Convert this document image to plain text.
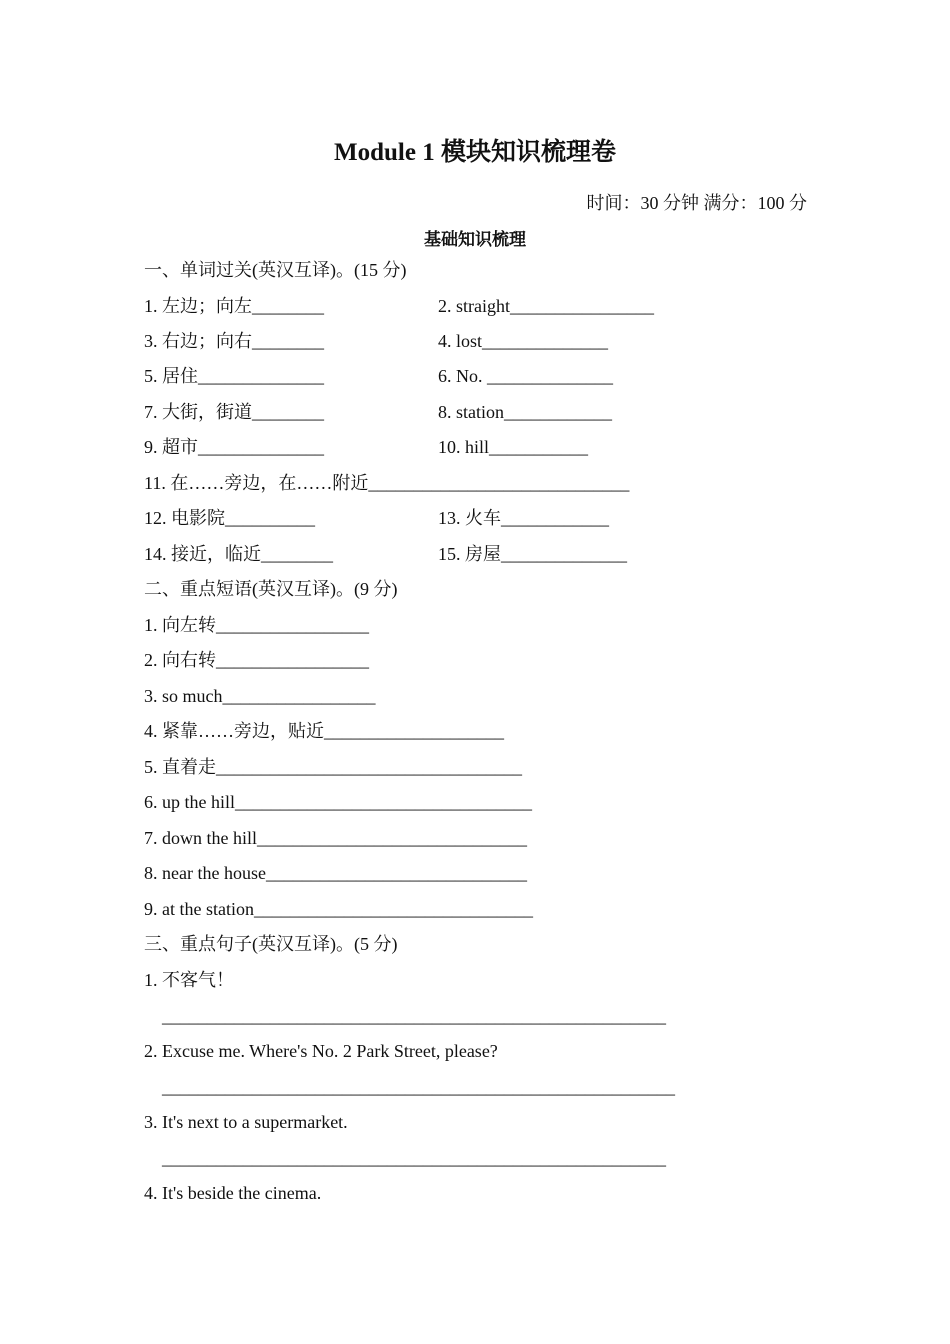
Module 1 模块知识梳理卷
时间：30 分钟 满分：100 分
基础知识梳理
一、单词过关(英汉互译)。(15 分)
1. 左边；向左________	2. straight________________
3. 右边；向右________	4. lost______________
5. 居住______________	6. No. ______________
7. 大街，街道________	8. station____________
9. 超市______________	10. hill___________
11. 在……旁边，在……附近_____________________________
12. 电影院__________	13. 火车____________
14. 接近，临近________	15. 房屋______________
二、重点短语(英汉互译)。(9 分)
1. 向左转_________________
2. 向右转_________________
3. so much_________________
4. 紧靠……旁边，贴近____________________
5. 直着走__________________________________
6. up the hill_________________________________
7. down the hill______________________________
8. near the house_____________________________
9. at the station_______________________________
三、重点句子(英汉互译)。(5 分)
1. 不客气！
________________________________________________________
2. Excuse me. Where's No. 2 Park Street, please?
_________________________________________________________
3. It's next to a supermarket.
________________________________________________________
4. It's beside the cinema.
